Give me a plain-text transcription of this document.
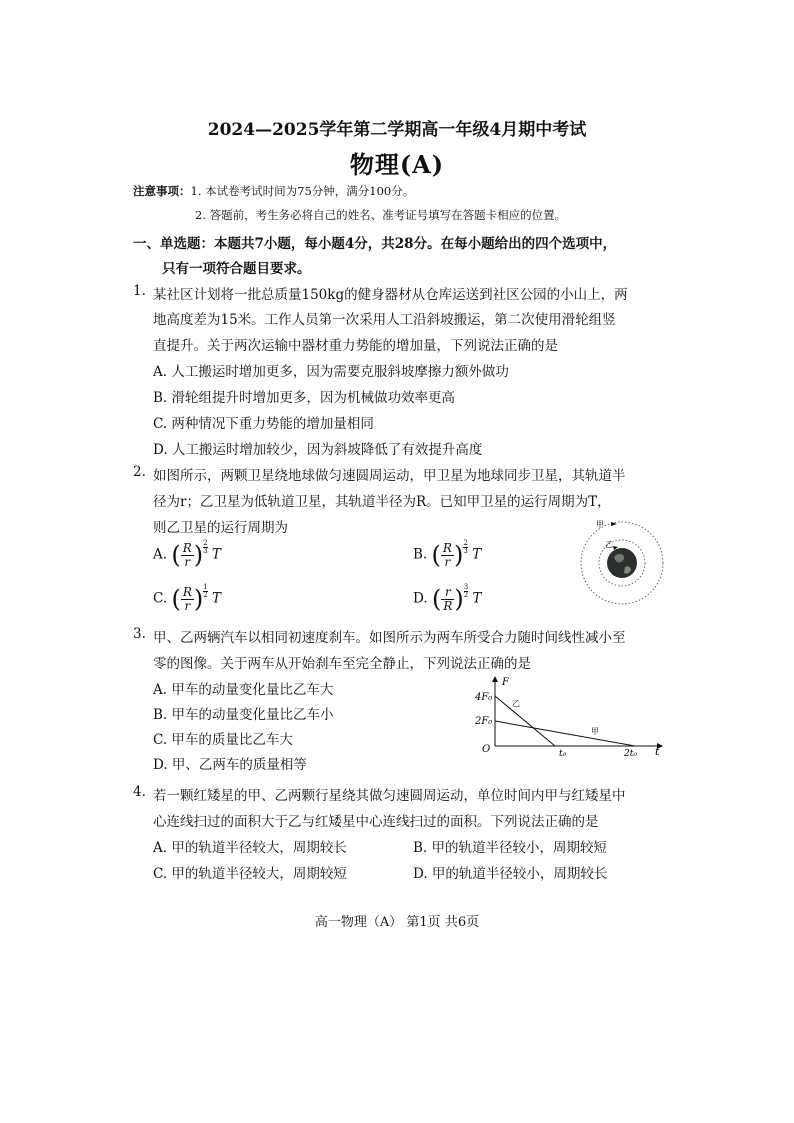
2024—2025学年第二学期高一年级4月期中考试
物理(A)
注意事项：1. 本试卷考试时间为75分钟，满分100分。
2. 答题前，考生务必将自己的姓名、准考证号填写在答题卡相应的位置。
一、单选题：本题共7小题，每小题4分，共28分。在每小题给出的四个选项中，
只有一项符合题目要求。
1. 某社区计划将一批总质量150kg的健身器材从仓库运送到社区公园的小山上，两
地高度差为15米。工作人员第一次采用人工沿斜坡搬运，第二次使用滑轮组竖
直提升。关于两次运输中器材重力势能的增加量，下列说法正确的是
A. 人工搬运时增加更多，因为需要克服斜坡摩擦力额外做功
B. 滑轮组提升时增加更多，因为机械做功效率更高
C. 两种情况下重力势能的增加量相同
D. 人工搬运时增加较少，因为斜坡降低了有效提升高度
2. 如图所示，两颗卫星绕地球做匀速圆周运动，甲卫星为地球同步卫星，其轨道半
径为r；乙卫星为低轨道卫星，其轨道半径为R。已知甲卫星的运行周期为T，
则乙卫星的运行周期为
A. ( $\frac{R}{r}$ ) $\frac{2}{3}$ T	B. ( $\frac{R}{r}$ ) $\frac{2}{3}$ T
C. ( $\frac{R}{r}$ ) $\frac{1}{2}$ T	D. ( $\frac{r}{R}$ ) $\frac{3}{2}$ T
甲
乙
3. 甲、乙两辆汽车以相同初速度刹车。如图所示为两车所受合力随时间线性减小至
零的图像。关于两车从开始刹车至完全静止，下列说法正确的是
A. 甲车的动量变化量比乙车大
B. 甲车的动量变化量比乙车小
C. 甲车的质量比乙车大
D. 甲、乙两车的质量相等
F
t
O
4F₀
2F₀
t₀	2t₀
乙
甲
4. 若一颗红矮星的甲、乙两颗行星绕其做匀速圆周运动，单位时间内甲与红矮星中
心连线扫过的面积大于乙与红矮星中心连线扫过的面积。下列说法正确的是
A. 甲的轨道半径较大，周期较长	B. 甲的轨道半径较小，周期较短
C. 甲的轨道半径较大，周期较短	D. 甲的轨道半径较小，周期较长
高一物理（A） 第1页 共6页
